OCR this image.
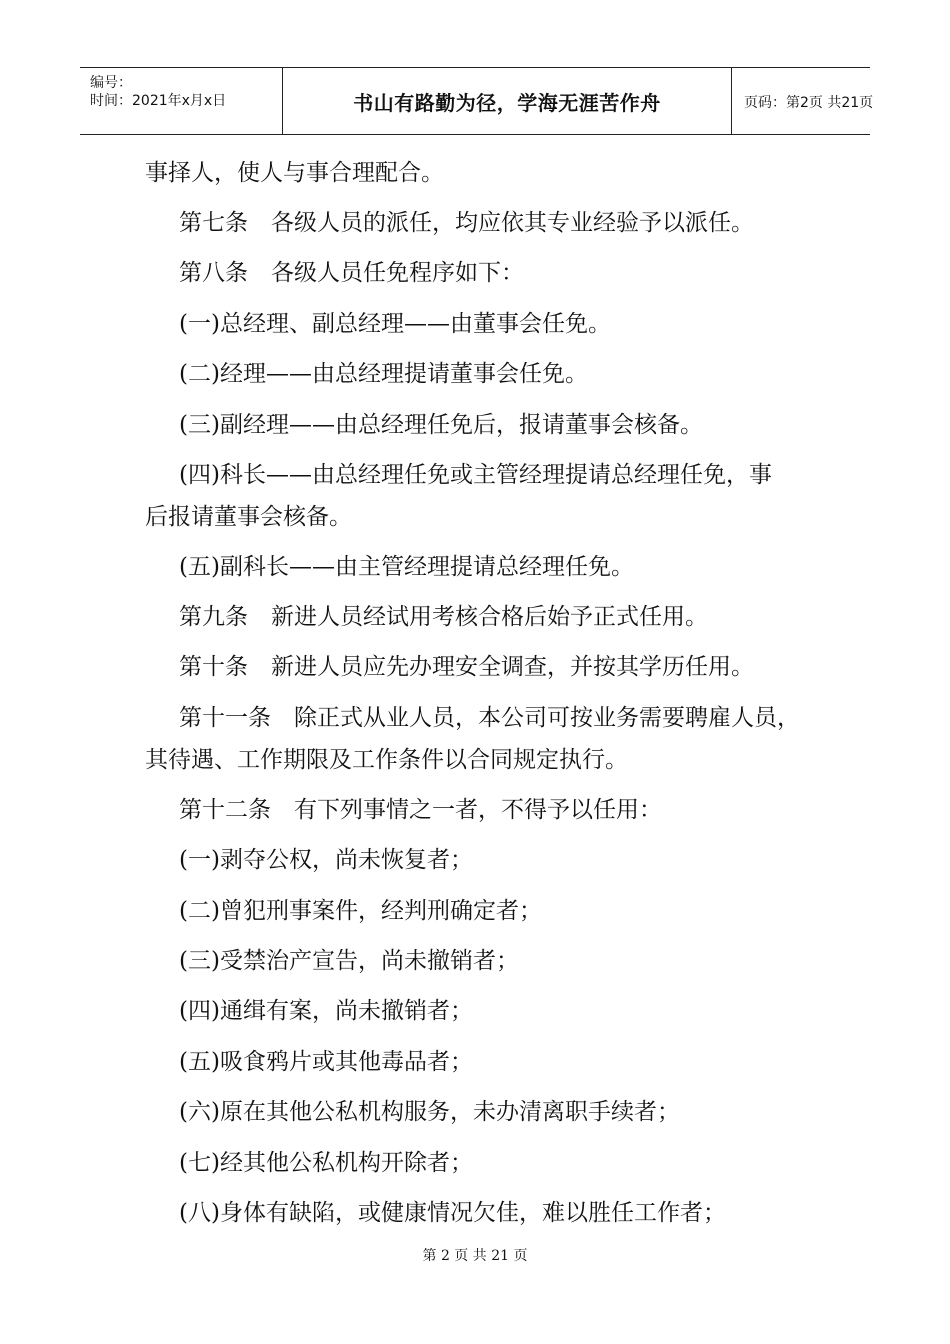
编号：
时间：2021年x月x日	书山有路勤为径，学海无涯苦作舟	页码：第2页 共21页

事择人，使人与事合理配合。

第七条　各级人员的派任，均应依其专业经验予以派任。

第八条　各级人员任免程序如下：

(一)总经理、副总经理——由董事会任免。

(二)经理——由总经理提请董事会任免。

(三)副经理——由总经理任免后，报请董事会核备。

(四)科长——由总经理任免或主管经理提请总经理任免，事

后报请董事会核备。

(五)副科长——由主管经理提请总经理任免。

第九条　新进人员经试用考核合格后始予正式任用。

第十条　新进人员应先办理安全调查，并按其学历任用。

第十一条　除正式从业人员，本公司可按业务需要聘雇人员，

其待遇、工作期限及工作条件以合同规定执行。

第十二条　有下列事情之一者，不得予以任用：

(一)剥夺公权，尚未恢复者；

(二)曾犯刑事案件，经判刑确定者；

(三)受禁治产宣告，尚未撤销者；

(四)通缉有案，尚未撤销者；

(五)吸食鸦片或其他毒品者；

(六)原在其他公私机构服务，未办清离职手续者；

(七)经其他公私机构开除者；

(八)身体有缺陷，或健康情况欠佳，难以胜任工作者；

第 2 页 共 21 页
